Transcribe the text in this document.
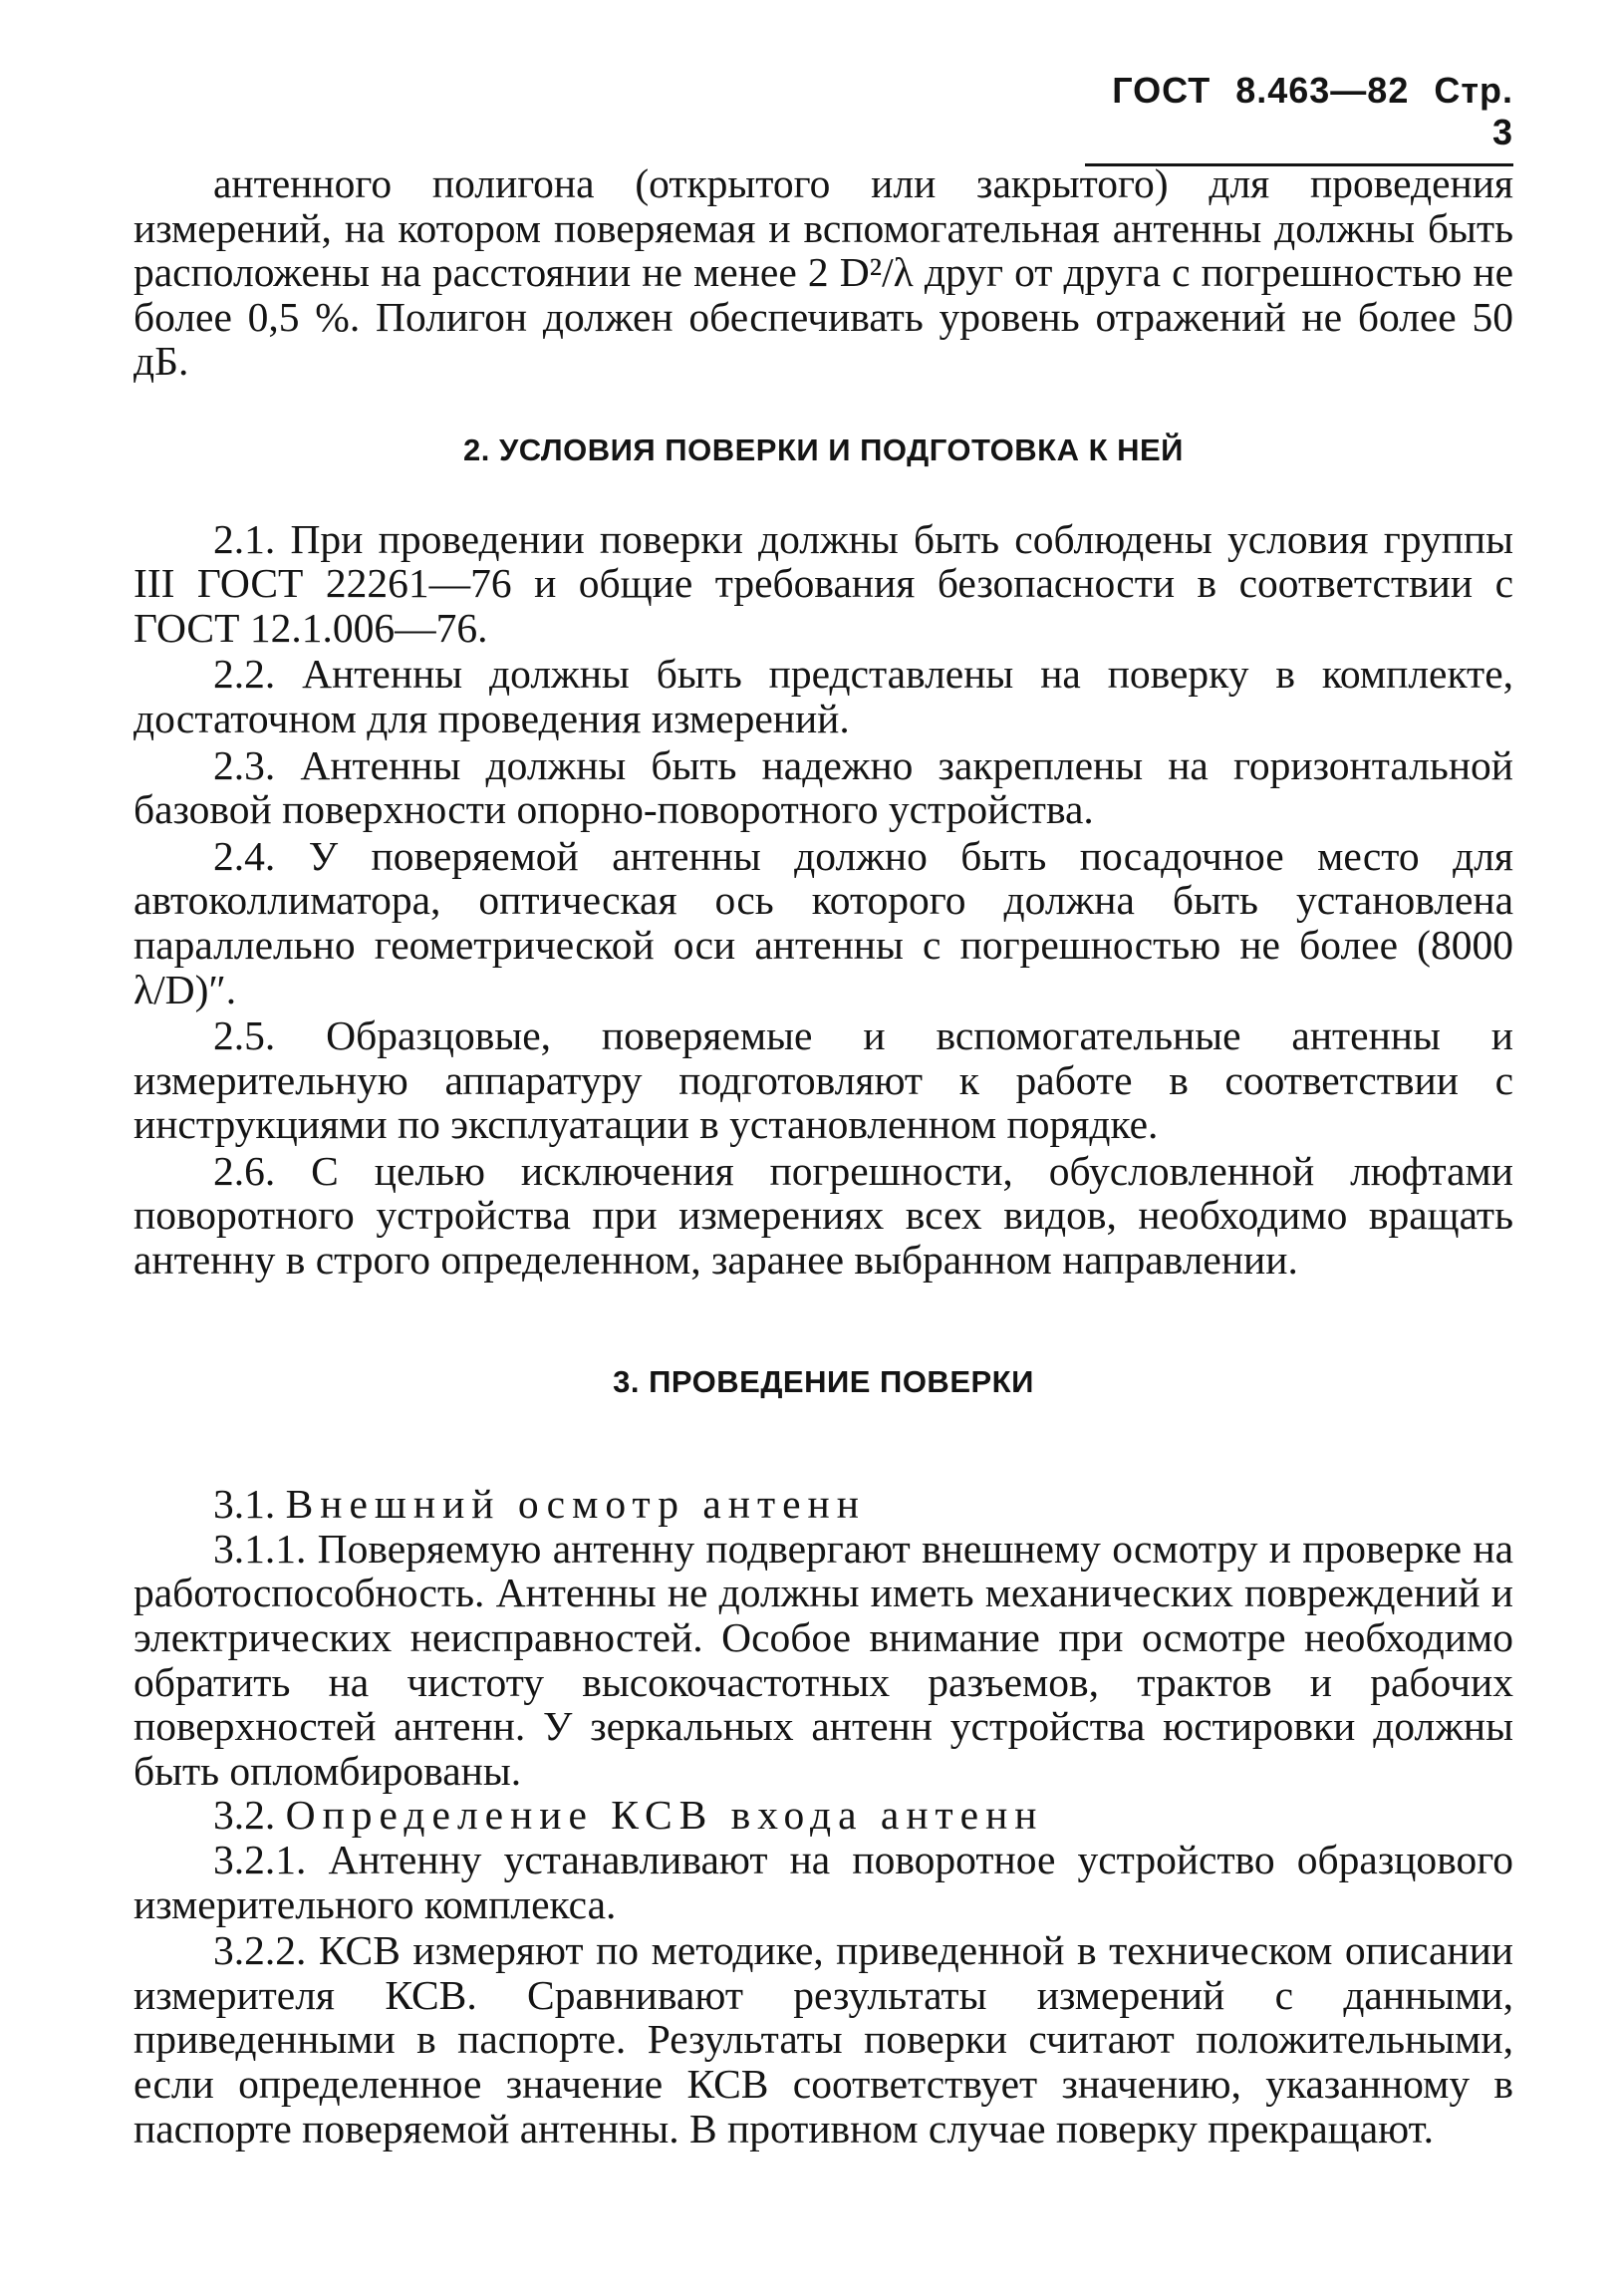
ГОСТ 8.463—82 Стр. 3

антенного полигона (открытого или закрытого) для проведения измерений, на котором поверяемая и вспомогательная антенны должны быть расположены на расстоянии не менее 2 D²/λ друг от друга с погрешностью не более 0,5 %. Полигон должен обеспечивать уровень отражений не более 50 дБ.

2. УСЛОВИЯ ПОВЕРКИ И ПОДГОТОВКА К НЕЙ

2.1. При проведении поверки должны быть соблюдены условия группы III ГОСТ 22261—76 и общие требования безопасности в соответствии с ГОСТ 12.1.006—76.

2.2. Антенны должны быть представлены на поверку в комплекте, достаточном для проведения измерений.

2.3. Антенны должны быть надежно закреплены на горизонтальной базовой поверхности опорно-поворотного устройства.

2.4. У поверяемой антенны должно быть посадочное место для автоколлиматора, оптическая ось которого должна быть установлена параллельно геометрической оси антенны с погрешностью не более (8000 λ/D)″.

2.5. Образцовые, поверяемые и вспомогательные антенны и измерительную аппаратуру подготовляют к работе в соответствии с инструкциями по эксплуатации в установленном порядке.

2.6. С целью исключения погрешности, обусловленной люфтами поворотного устройства при измерениях всех видов, необходимо вращать антенну в строго определенном, заранее выбранном направлении.

3. ПРОВЕДЕНИЕ ПОВЕРКИ

3.1. Внешний осмотр антенн

3.1.1. Поверяемую антенну подвергают внешнему осмотру и проверке на работоспособность. Антенны не должны иметь механических повреждений и электрических неисправностей. Особое внимание при осмотре необходимо обратить на чистоту высокочастотных разъемов, трактов и рабочих поверхностей антенн. У зеркальных антенн устройства юстировки должны быть опломбированы.

3.2. Определение КСВ входа антенн

3.2.1. Антенну устанавливают на поворотное устройство образцового измерительного комплекса.

3.2.2. КСВ измеряют по методике, приведенной в техническом описании измерителя КСВ. Сравнивают результаты измерений с данными, приведенными в паспорте. Результаты поверки считают положительными, если определенное значение КСВ соответствует значению, указанному в паспорте поверяемой антенны. В противном случае поверку прекращают.
